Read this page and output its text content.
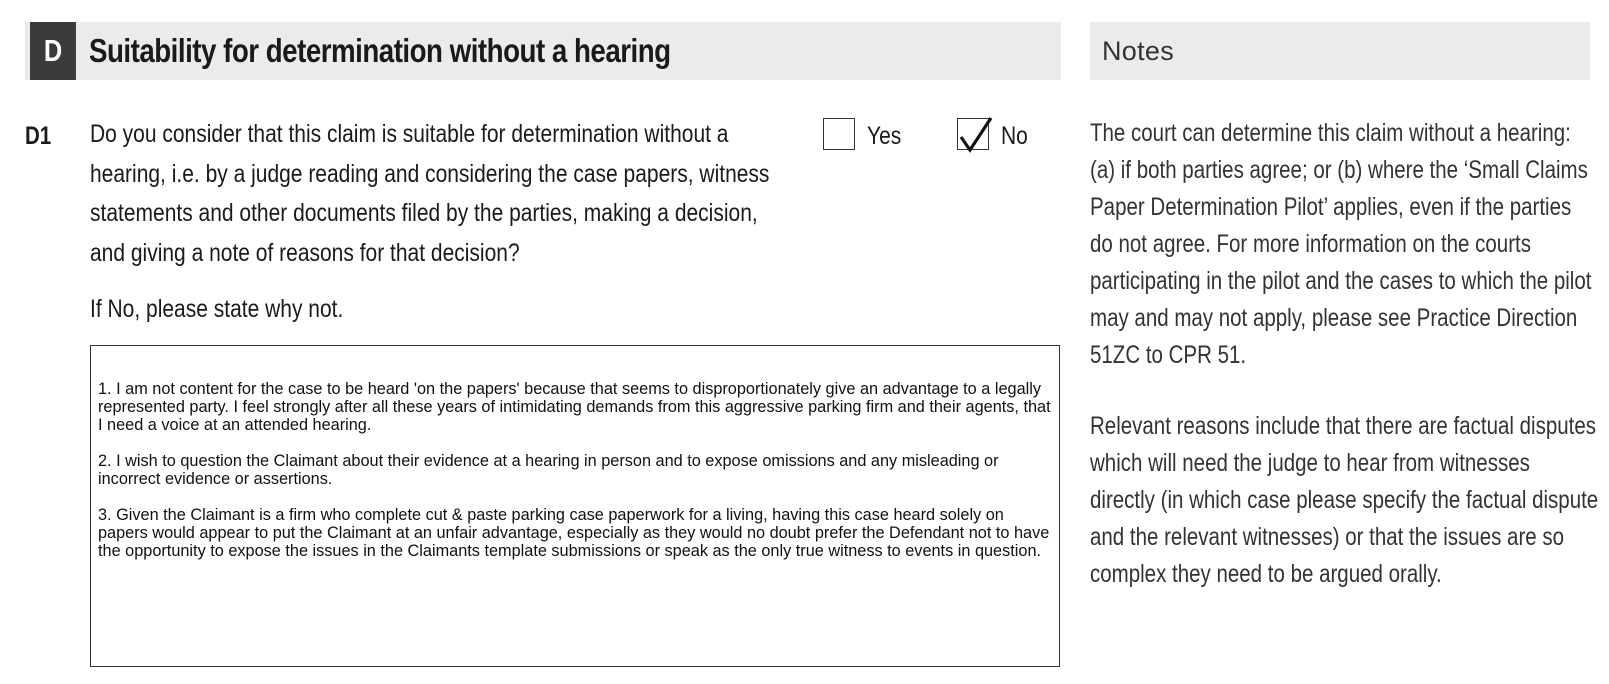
D Suitability for determination without a hearing	Notes
D1 Do you consider that this claim is suitable for determination without a
hearing, i.e. by a judge reading and considering the case papers, witness
statements and other documents filed by the parties, making a decision,
and giving a note of reasons for that decision?
Yes	No
If No, please state why not.

1. I am not content for the case to be heard 'on the papers' because that seems to disproportionately give an advantage to a legally represented party. I feel strongly after all these years of intimidating demands from this aggressive parking firm and their agents, that I need a voice at an attended hearing.

2. I wish to question the Claimant about their evidence at a hearing in person and to expose omissions and any misleading or incorrect evidence or assertions.

3. Given the Claimant is a firm who complete cut & paste parking case paperwork for a living, having this case heard solely on papers would appear to put the Claimant at an unfair advantage, especially as they would no doubt prefer the Defendant not to have the opportunity to expose the issues in the Claimants template submissions or speak as the only true witness to events in question.

The court can determine this claim without a hearing:
(a) if both parties agree; or (b) where the ‘Small Claims
Paper Determination Pilot’ applies, even if the parties
do not agree. For more information on the courts
participating in the pilot and the cases to which the pilot
may and may not apply, please see Practice Direction
51ZC to CPR 51.
Relevant reasons include that there are factual disputes
which will need the judge to hear from witnesses
directly (in which case please specify the factual dispute
and the relevant witnesses) or that the issues are so
complex they need to be argued orally.
